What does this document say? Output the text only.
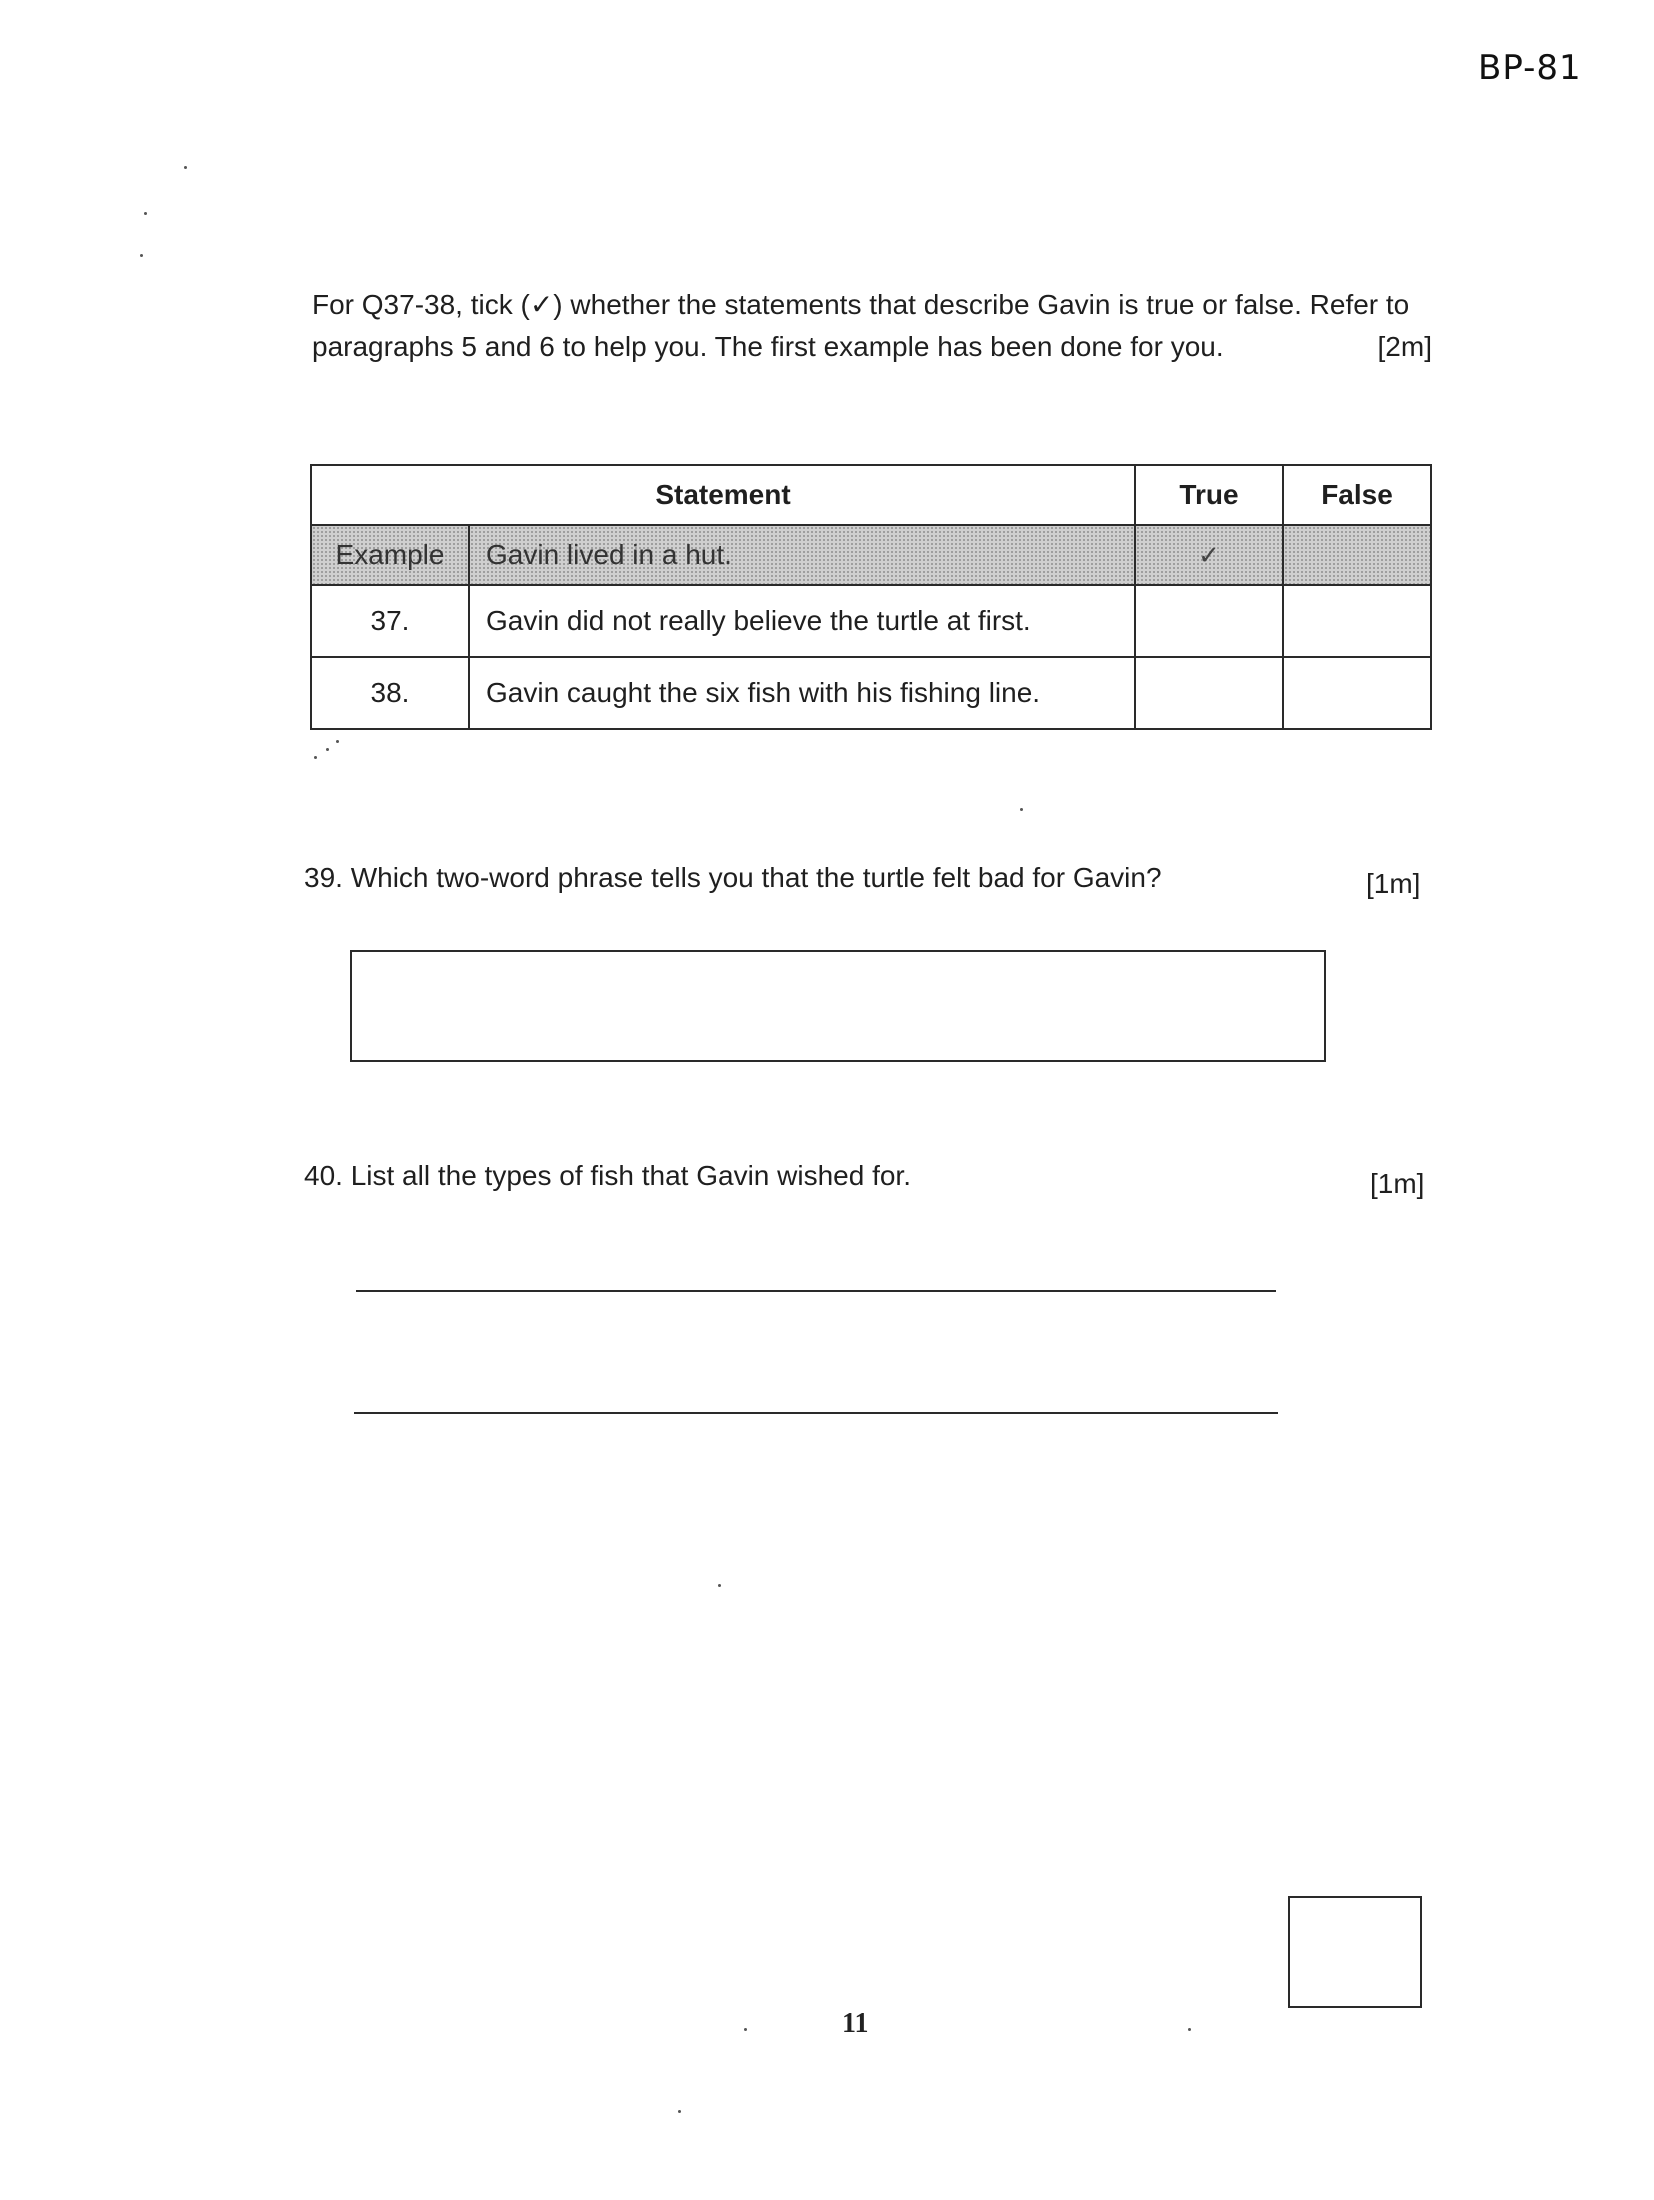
BP-81
For Q37-38, tick (✓) whether the statements that describe Gavin is true or false. Refer to
paragraphs 5 and 6 to help you. The first example has been done for you.	[2m]
Statement		True	False
Example	Gavin lived in a hut.	✓	
37.	Gavin did not really believe the turtle at first.		
38.	Gavin caught the six fish with his fishing line.		
39. Which two-word phrase tells you that the turtle felt bad for Gavin?	[1m]
40. List all the types of fish that Gavin wished for.	[1m]
11
